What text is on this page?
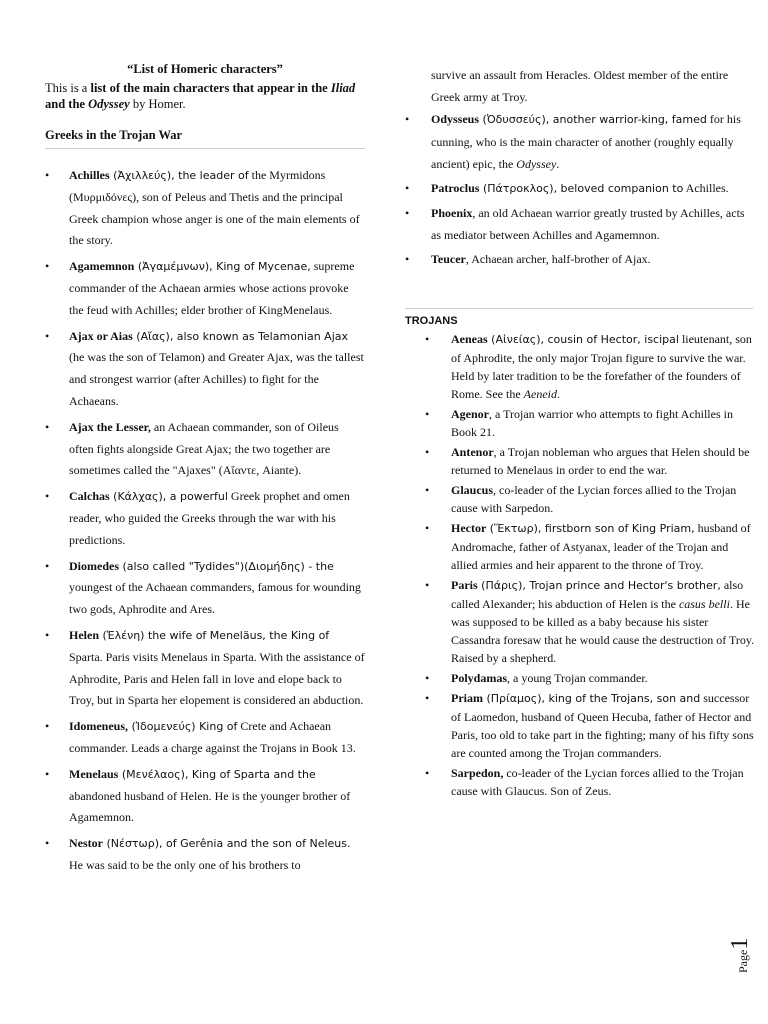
“List of Homeric characters”

This is a list of the main characters that appear in the Iliad and the Odyssey by Homer.

Greeks in the Trojan War

• Achilles (Ἀχιλλεύς), the leader of the Myrmidons (Μυρμιδόνες), son of Peleus and Thetis and the principal Greek champion whose anger is one of the main elements of the story.
• Agamemnon (Ἀγαμέμνων), King of Mycenae, supreme commander of the Achaean armies whose actions provoke the feud with Achilles; elder brother of KingMenelaus.
• Ajax or Aias (Αἴας), also known as Telamonian Ajax (he was the son of Telamon) and Greater Ajax, was the tallest and strongest warrior (after Achilles) to fight for the Achaeans.
• Ajax the Lesser, an Achaean commander, son of Oileus often fights alongside Great Ajax; the two together are sometimes called the "Ajaxes" (Αἴαντε, Aiante).
• Calchas (Κάλχας), a powerful Greek prophet and omen reader, who guided the Greeks through the war with his predictions.
• Diomedes (also called "Tydides")(Διομήδης) - the youngest of the Achaean commanders, famous for wounding two gods, Aphrodite and Ares.
• Helen (Ἑλένη) the wife of Meneläus, the King of Sparta. Paris visits Menelaus in Sparta. With the assistance of Aphrodite, Paris and Helen fall in love and elope back to Troy, but in Sparta her elopement is considered an abduction.
• Idomeneus, (Ἰδομενεύς) King of Crete and Achaean commander. Leads a charge against the Trojans in Book 13.
• Menelaus (Μενέλαος), King of Sparta and the abandoned husband of Helen. He is the younger brother of Agamemnon.
• Nestor (Νέστωρ), of Gerênia and the son of Neleus. He was said to be the only one of his brothers to

survive an assault from Heracles. Oldest member of the entire Greek army at Troy.

• Odysseus (Ὀδυσσεύς), another warrior-king, famed for his cunning, who is the main character of another (roughly equally ancient) epic, the Odyssey.
• Patroclus (Πάτροκλος), beloved companion to Achilles.
• Phoenix, an old Achaean warrior greatly trusted by Achilles, acts as mediator between Achilles and Agamemnon.
• Teucer, Achaean archer, half-brother of Ajax.

TROJANS

• Aeneas (Αἰνείας), cousin of Hector, iscipal lieutenant, son of Aphrodite, the only major Trojan figure to survive the war. Held by later tradition to be the forefather of the founders of Rome. See the Aeneid.
• Agenor, a Trojan warrior who attempts to fight Achilles in Book 21.
• Antenor, a Trojan nobleman who argues that Helen should be returned to Menelaus in order to end the war.
• Glaucus, co-leader of the Lycian forces allied to the Trojan cause with Sarpedon.
• Hector (Ἕκτωρ), firstborn son of King Priam, husband of Andromache, father of Astyanax, leader of the Trojan and allied armies and heir apparent to the throne of Troy.
• Paris (Πάρις), Trojan prince and Hector's brother, also called Alexander; his abduction of Helen is the casus belli. He was supposed to be killed as a baby because his sister Cassandra foresaw that he would cause the destruction of Troy. Raised by a shepherd.
• Polydamas, a young Trojan commander.
• Priam (Πρίαμος), king of the Trojans, son and successor of Laomedon, husband of Queen Hecuba, father of Hector and Paris, too old to take part in the fighting; many of his fifty sons are counted among the Trojan commanders.
• Sarpedon, co-leader of the Lycian forces allied to the Trojan cause with Glaucus. Son of Zeus.
Page1
